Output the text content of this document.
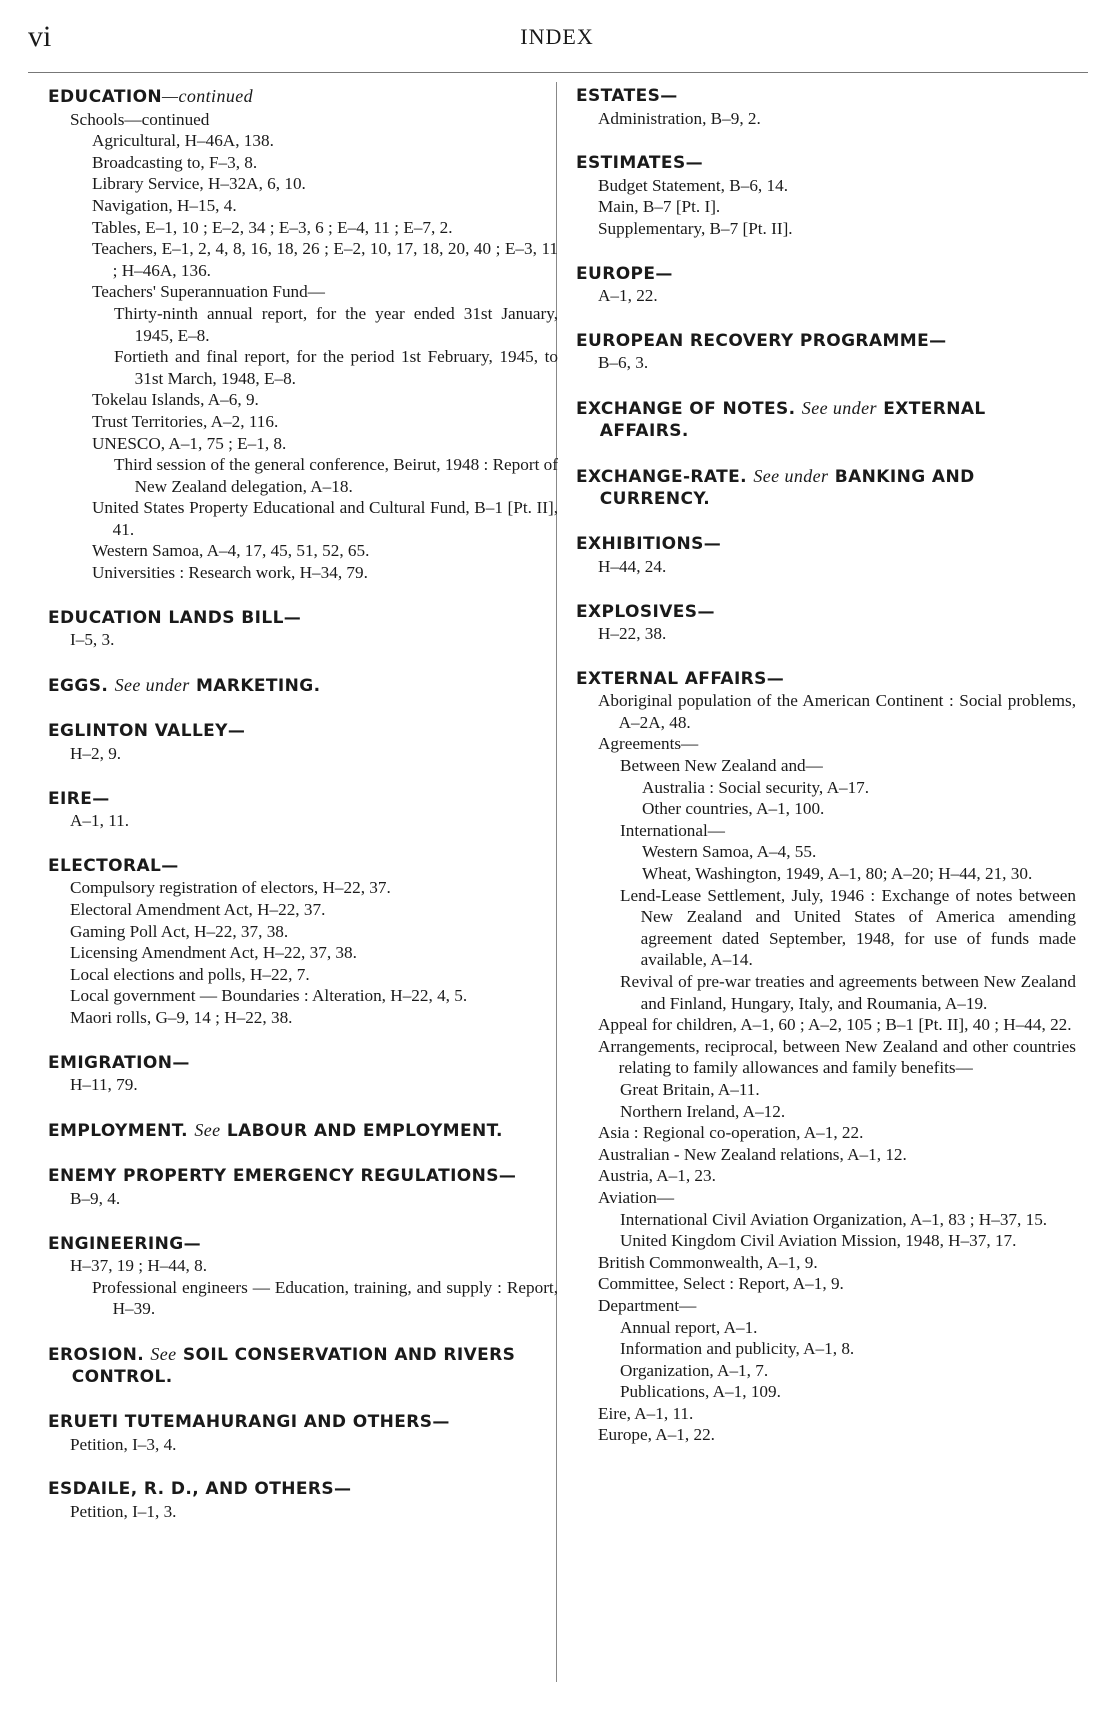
vi	INDEX
EDUCATION—continued
Schools—continued
Agricultural, H–46A, 138.
Broadcasting to, F–3, 8.
Library Service, H–32A, 6, 10.
Navigation, H–15, 4.
Tables, E–1, 10 ; E–2, 34 ; E–3, 6 ; E–4, 11 ; E–7, 2.
Teachers, E–1, 2, 4, 8, 16, 18, 26 ; E–2, 10, 17, 18, 20, 40 ; E–3, 11 ; H–46A, 136.
Teachers' Superannuation Fund—
Thirty-ninth annual report, for the year ended 31st January, 1945, E–8.
Fortieth and final report, for the period 1st February, 1945, to 31st March, 1948, E–8.
Tokelau Islands, A–6, 9.
Trust Territories, A–2, 116.
UNESCO, A–1, 75 ; E–1, 8.
Third session of the general conference, Beirut, 1948 : Report of New Zealand delegation, A–18.
United States Property Educational and Cultural Fund, B–1 [Pt. II], 41.
Western Samoa, A–4, 17, 45, 51, 52, 65.
Universities : Research work, H–34, 79.
EDUCATION LANDS BILL—
I–5, 3.
EGGS. See under MARKETING.
EGLINTON VALLEY—
H–2, 9.
EIRE—
A–1, 11.
ELECTORAL—
Compulsory registration of electors, H–22, 37.
Electoral Amendment Act, H–22, 37.
Gaming Poll Act, H–22, 37, 38.
Licensing Amendment Act, H–22, 37, 38.
Local elections and polls, H–22, 7.
Local government — Boundaries : Alteration, H–22, 4, 5.
Maori rolls, G–9, 14 ; H–22, 38.
EMIGRATION—
H–11, 79.
EMPLOYMENT. See LABOUR AND EMPLOYMENT.
ENEMY PROPERTY EMERGENCY REGULATIONS—
B–9, 4.
ENGINEERING—
H–37, 19 ; H–44, 8.
Professional engineers — Education, training, and supply : Report, H–39.
EROSION. See SOIL CONSERVATION AND RIVERS CONTROL.
ERUETI TUTEMAHURANGI AND OTHERS—
Petition, I–3, 4.
ESDAILE, R. D., AND OTHERS—
Petition, I–1, 3.
ESTATES—
Administration, B–9, 2.
ESTIMATES—
Budget Statement, B–6, 14.
Main, B–7 [Pt. I].
Supplementary, B–7 [Pt. II].
EUROPE—
A–1, 22.
EUROPEAN RECOVERY PROGRAMME—
B–6, 3.
EXCHANGE OF NOTES. See under EXTERNAL AFFAIRS.
EXCHANGE-RATE. See under BANKING AND CURRENCY.
EXHIBITIONS—
H–44, 24.
EXPLOSIVES—
H–22, 38.
EXTERNAL AFFAIRS—
Aboriginal population of the American Continent : Social problems, A–2A, 48.
Agreements—
Between New Zealand and—
Australia : Social security, A–17.
Other countries, A–1, 100.
International—
Western Samoa, A–4, 55.
Wheat, Washington, 1949, A–1, 80; A–20; H–44, 21, 30.
Lend-Lease Settlement, July, 1946 : Exchange of notes between New Zealand and United States of America amending agreement dated September, 1948, for use of funds made available, A–14.
Revival of pre-war treaties and agreements between New Zealand and Finland, Hungary, Italy, and Roumania, A–19.
Appeal for children, A–1, 60 ; A–2, 105 ; B–1 [Pt. II], 40 ; H–44, 22.
Arrangements, reciprocal, between New Zealand and other countries relating to family allowances and family benefits—
Great Britain, A–11.
Northern Ireland, A–12.
Asia : Regional co-operation, A–1, 22.
Australian - New Zealand relations, A–1, 12.
Austria, A–1, 23.
Aviation—
International Civil Aviation Organization, A–1, 83 ; H–37, 15.
United Kingdom Civil Aviation Mission, 1948, H–37, 17.
British Commonwealth, A–1, 9.
Committee, Select : Report, A–1, 9.
Department—
Annual report, A–1.
Information and publicity, A–1, 8.
Organization, A–1, 7.
Publications, A–1, 109.
Eire, A–1, 11.
Europe, A–1, 22.
